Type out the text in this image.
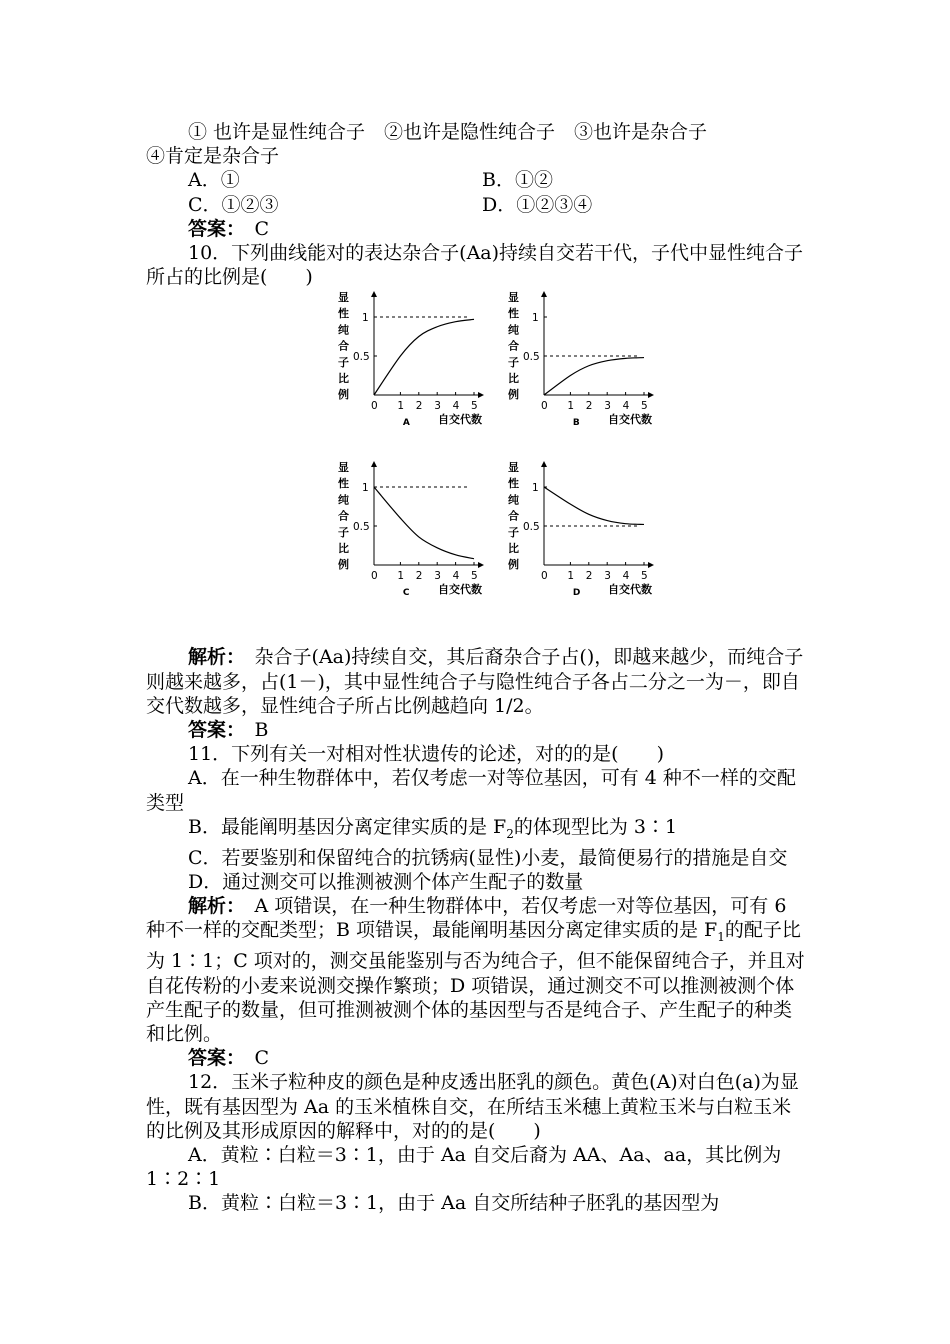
① 也许是显性纯合子　②也许是隐性纯合子　③也许是杂合子

④肯定是杂合子

A．①	B．①②
C．①②③	D．①②③④

答案：　 C

10．下列曲线能对的表达杂合子(Aa)持续自交若干代，子代中显性纯合子所占的比例是(　　)

显
性
纯
合
子
比
例
1
0.5
0 1 2 3 4 5
自交代数
A
显
性
纯
合
子
比
例
1
0.5
0 1 2 3 4 5
自交代数
B
显
性
纯
合
子
比
例
1
0.5
0 1 2 3 4 5
自交代数
C
显
性
纯
合
子
比
例
1
0.5
0 1 2 3 4 5
自交代数
D

解析：　 杂合子(Aa)持续自交，其后裔杂合子占()，即越来越少，而纯合子则越来越多，占(1－)，其中显性纯合子与隐性纯合子各占二分之一为－，即自交代数越多，显性纯合子所占比例越趋向 1/2。

答案：　 B

11．下列有关一对相对性状遗传的论述，对的的是(　　)

A．在一种生物群体中，若仅考虑一对等位基因，可有 4 种不一样的交配类型

B．最能阐明基因分离定律实质的是 $F_2$的体现型比为 3∶1

C．若要鉴别和保留纯合的抗锈病(显性)小麦，最简便易行的措施是自交

D．通过测交可以推测被测个体产生配子的数量

解析：　 A 项错误，在一种生物群体中，若仅考虑一对等位基因，可有 6 种不一样的交配类型；B 项错误，最能阐明基因分离定律实质的是 $F_1$的配子比为 1∶1；C 项对的，测交虽能鉴别与否为纯合子，但不能保留纯合子，并且对自花传粉的小麦来说测交操作繁琐；D 项错误，通过测交不可以推测被测个体产生配子的数量，但可推测被测个体的基因型与否是纯合子、产生配子的种类和比例。

答案：　 C

12．玉米子粒种皮的颜色是种皮透出胚乳的颜色。黄色(A)对白色(a)为显性，既有基因型为 Aa 的玉米植株自交，在所结玉米穗上黄粒玉米与白粒玉米的比例及其形成原因的解释中，对的的是(　　)

A．黄粒∶白粒＝3∶1，由于 Aa 自交后裔为 AA、Aa、aa，其比例为 1∶2∶1

B．黄粒∶白粒＝3∶1，由于 Aa 自交所结种子胚乳的基因型为
